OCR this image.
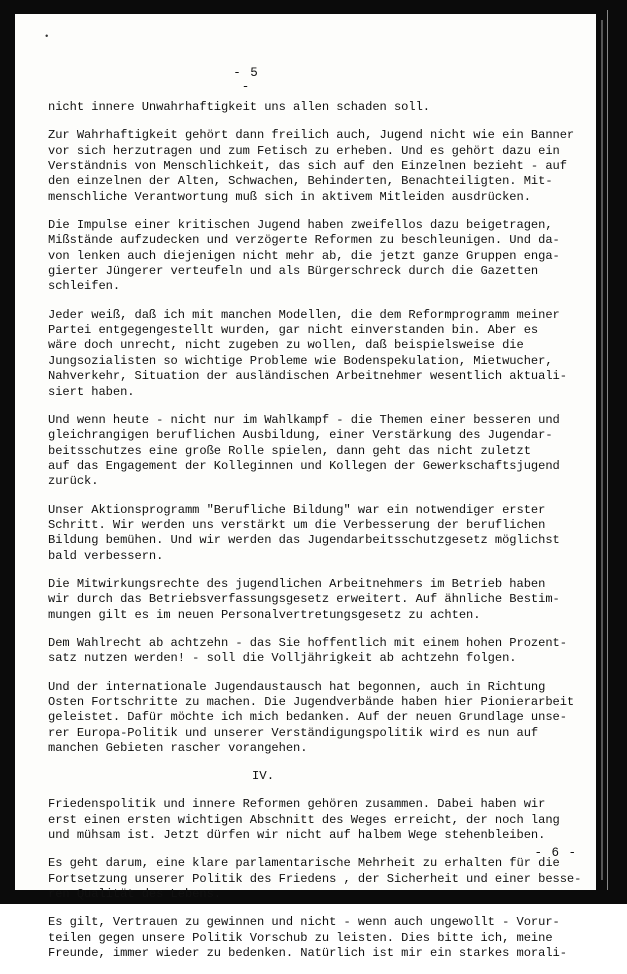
•
- 5 -
nicht innere Unwahrhaftigkeit uns allen schaden soll.
Zur Wahrhaftigkeit gehört dann freilich auch, Jugend nicht wie ein Banner
vor sich herzutragen und zum Fetisch zu erheben. Und es gehört dazu ein
Verständnis von Menschlichkeit, das sich auf den Einzelnen bezieht - auf
den einzelnen der Alten, Schwachen, Behinderten, Benachteiligten. Mit-
menschliche Verantwortung muß sich in aktivem Mitleiden ausdrücken.
Die Impulse einer kritischen Jugend haben zweifellos dazu beigetragen,
Mißstände aufzudecken und verzögerte Reformen zu beschleunigen. Und da-
von lenken auch diejenigen nicht mehr ab, die jetzt ganze Gruppen enga-
gierter Jüngerer verteufeln und als Bürgerschreck durch die Gazetten
schleifen.
Jeder weiß, daß ich mit manchen Modellen, die dem Reformprogramm meiner
Partei entgegengestellt wurden, gar nicht einverstanden bin. Aber es
wäre doch unrecht, nicht zugeben zu wollen, daß beispielsweise die
Jungsozialisten so wichtige Probleme wie Bodenspekulation, Mietwucher,
Nahverkehr, Situation der ausländischen Arbeitnehmer wesentlich aktuali-
siert haben.
Und wenn heute - nicht nur im Wahlkampf - die Themen einer besseren und
gleichrangigen beruflichen Ausbildung, einer Verstärkung des Jugendar-
beitsschutzes eine große Rolle spielen, dann geht das nicht zuletzt
auf das Engagement der Kolleginnen und Kollegen der Gewerkschaftsjugend
zurück.
Unser Aktionsprogramm "Berufliche Bildung" war ein notwendiger erster
Schritt. Wir werden uns verstärkt um die Verbesserung der beruflichen
Bildung bemühen. Und wir werden das Jugendarbeitsschutzgesetz möglichst
bald verbessern.
Die Mitwirkungsrechte des jugendlichen Arbeitnehmers im Betrieb haben
wir durch das Betriebsverfassungsgesetz erweitert. Auf ähnliche Bestim-
mungen gilt es im neuen Personalvertretungsgesetz zu achten.
Dem Wahlrecht ab achtzehn - das Sie hoffentlich mit einem hohen Prozent-
satz nutzen werden! - soll die Volljährigkeit ab achtzehn folgen.
Und der internationale Jugendaustausch hat begonnen, auch in Richtung
Osten Fortschritte zu machen. Die Jugendverbände haben hier Pionierarbeit
geleistet. Dafür möchte ich mich bedanken. Auf der neuen Grundlage unse-
rer Europa-Politik und unserer Verständigungspolitik wird es nun auf
manchen Gebieten rascher vorangehen.
IV.
Friedenspolitik und innere Reformen gehören zusammen. Dabei haben wir
erst einen ersten wichtigen Abschnitt des Weges erreicht, der noch lang
und mühsam ist. Jetzt dürfen wir nicht auf halbem Wege stehenbleiben.
Es geht darum, eine klare parlamentarische Mehrheit zu erhalten für die
Fortsetzung unserer Politik des Friedens , der Sicherheit und einer besse-
ren Qualität des Lebens.
Es gilt, Vertrauen zu gewinnen und nicht - wenn auch ungewollt - Vorur-
teilen gegen unsere Politik Vorschub zu leisten. Dies bitte ich, meine
Freunde, immer wieder zu bedenken. Natürlich ist mir ein starkes morali-
- 6 -
